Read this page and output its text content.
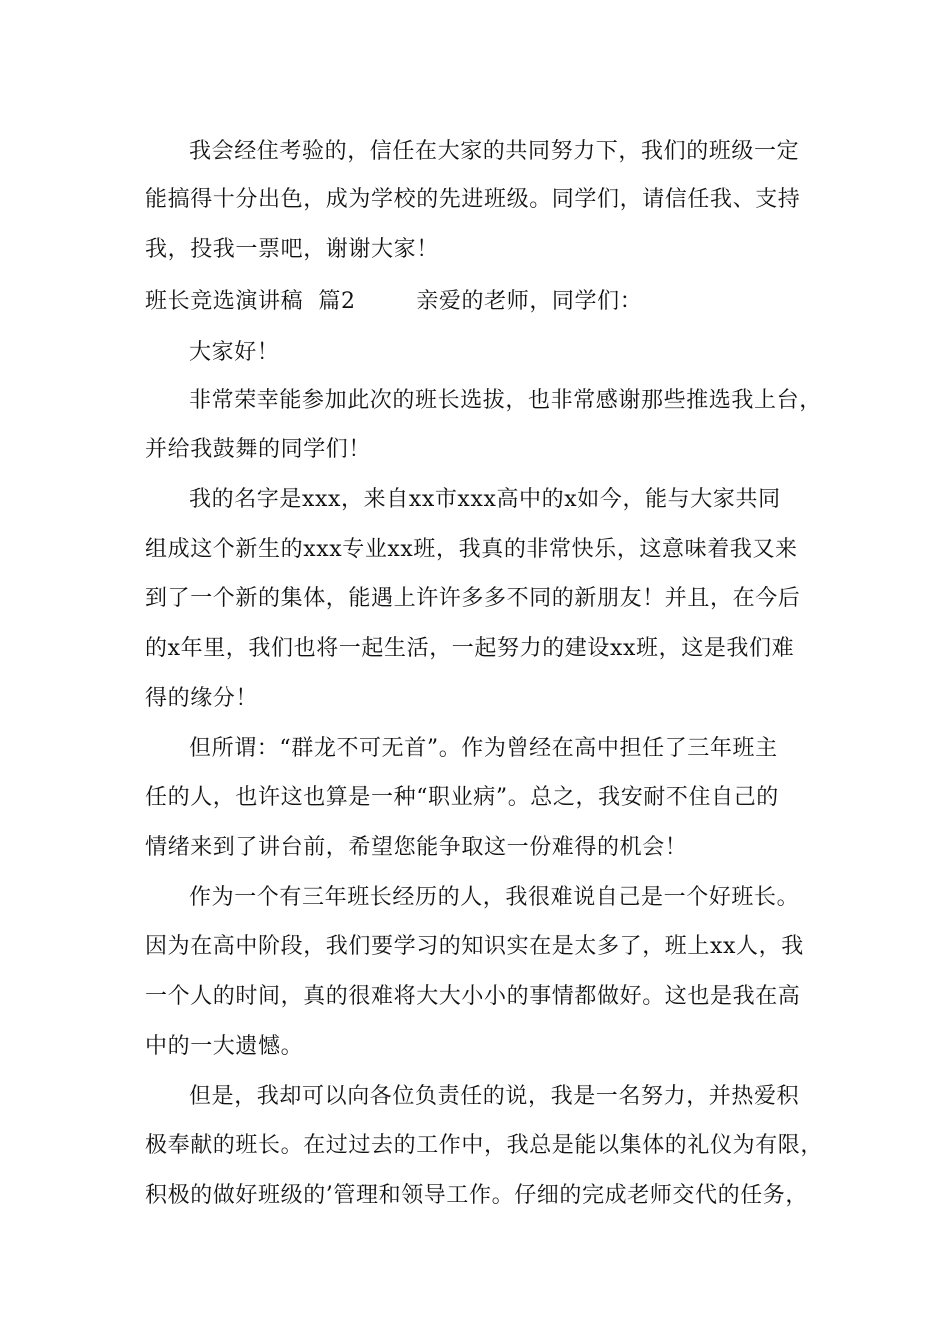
我会经住考验的，信任在大家的共同努力下，我们的班级一定
能搞得十分出色，成为学校的先进班级。同学们，请信任我、支持
我，投我一票吧，谢谢大家！
班长竞选演讲稿  篇2        亲爱的老师，同学们：
大家好！
非常荣幸能参加此次的班长选拔，也非常感谢那些推选我上台，
并给我鼓舞的同学们！
我的名字是xxx，来自xx市xxx高中的x如今，能与大家共同
组成这个新生的xxx专业xx班，我真的非常快乐，这意味着我又来
到了一个新的集体，能遇上许许多多不同的新朋友！并且，在今后
的x年里，我们也将一起生活，一起努力的建设xx班，这是我们难
得的缘分！
但所谓：“群龙不可无首”。作为曾经在高中担任了三年班主
任的人，也许这也算是一种“职业病”。总之，我安耐不住自己的
情绪来到了讲台前，希望您能争取这一份难得的机会！
作为一个有三年班长经历的人，我很难说自己是一个好班长。
因为在高中阶段，我们要学习的知识实在是太多了，班上xx人，我
一个人的时间，真的很难将大大小小的事情都做好。这也是我在高
中的一大遗憾。
但是，我却可以向各位负责任的说，我是一名努力，并热爱积
极奉献的班长。在过过去的工作中，我总是能以集体的礼仪为有限，
积极的做好班级的’管理和领导工作。仔细的完成老师交代的任务，
